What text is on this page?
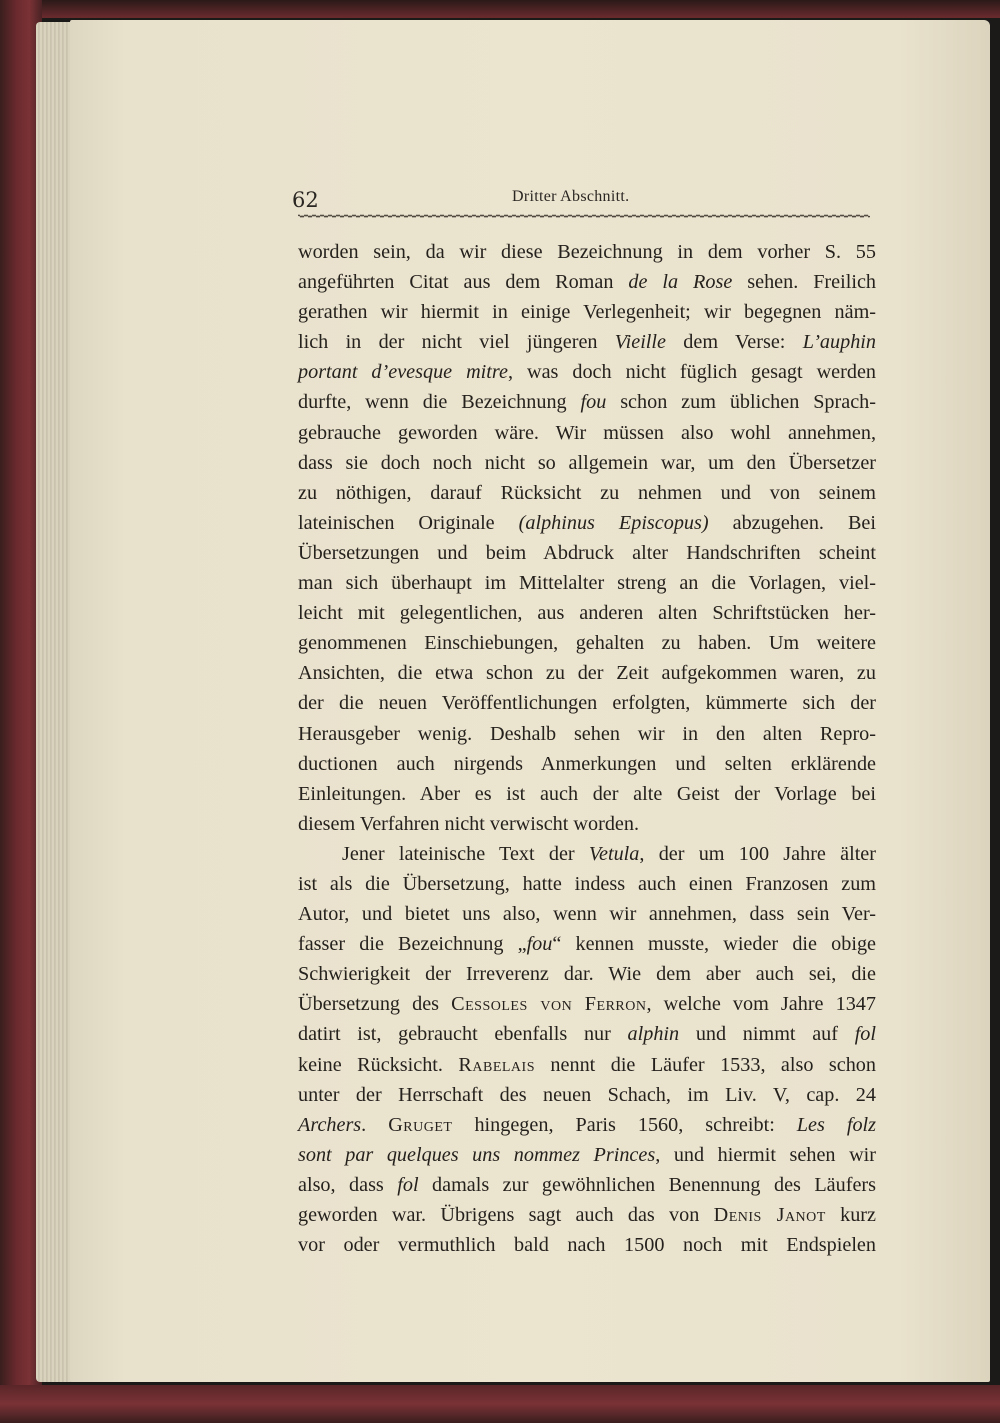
62	Dritter Abschnitt.
worden sein, da wir diese Bezeichnung in dem vorher S. 55
angeführten Citat aus dem Roman de la Rose sehen. Freilich
gerathen wir hiermit in einige Verlegenheit; wir begegnen näm-
lich in der nicht viel jüngeren Vieille dem Verse: L’auphin
portant d’evesque mitre, was doch nicht füglich gesagt werden
durfte, wenn die Bezeichnung fou schon zum üblichen Sprach-
gebrauche geworden wäre. Wir müssen also wohl annehmen,
dass sie doch noch nicht so allgemein war, um den Übersetzer
zu nöthigen, darauf Rücksicht zu nehmen und von seinem
lateinischen Originale (alphinus Episcopus) abzugehen. Bei
Übersetzungen und beim Abdruck alter Handschriften scheint
man sich überhaupt im Mittelalter streng an die Vorlagen, viel-
leicht mit gelegentlichen, aus anderen alten Schriftstücken her-
genommenen Einschiebungen, gehalten zu haben. Um weitere
Ansichten, die etwa schon zu der Zeit aufgekommen waren, zu
der die neuen Veröffentlichungen erfolgten, kümmerte sich der
Herausgeber wenig. Deshalb sehen wir in den alten Repro-
ductionen auch nirgends Anmerkungen und selten erklärende
Einleitungen. Aber es ist auch der alte Geist der Vorlage bei
diesem Verfahren nicht verwischt worden.
Jener lateinische Text der Vetula, der um 100 Jahre älter
ist als die Übersetzung, hatte indess auch einen Franzosen zum
Autor, und bietet uns also, wenn wir annehmen, dass sein Ver-
fasser die Bezeichnung „fou“ kennen musste, wieder die obige
Schwierigkeit der Irreverenz dar. Wie dem aber auch sei, die
Übersetzung des Cessoles von Ferron, welche vom Jahre 1347
datirt ist, gebraucht ebenfalls nur alphin und nimmt auf fol
keine Rücksicht. Rabelais nennt die Läufer 1533, also schon
unter der Herrschaft des neuen Schach, im Liv. V, cap. 24
Archers. Gruget hingegen, Paris 1560, schreibt: Les folz
sont par quelques uns nommez Princes, und hiermit sehen wir
also, dass fol damals zur gewöhnlichen Benennung des Läufers
geworden war. Übrigens sagt auch das von Denis Janot kurz
vor oder vermuthlich bald nach 1500 noch mit Endspielen
